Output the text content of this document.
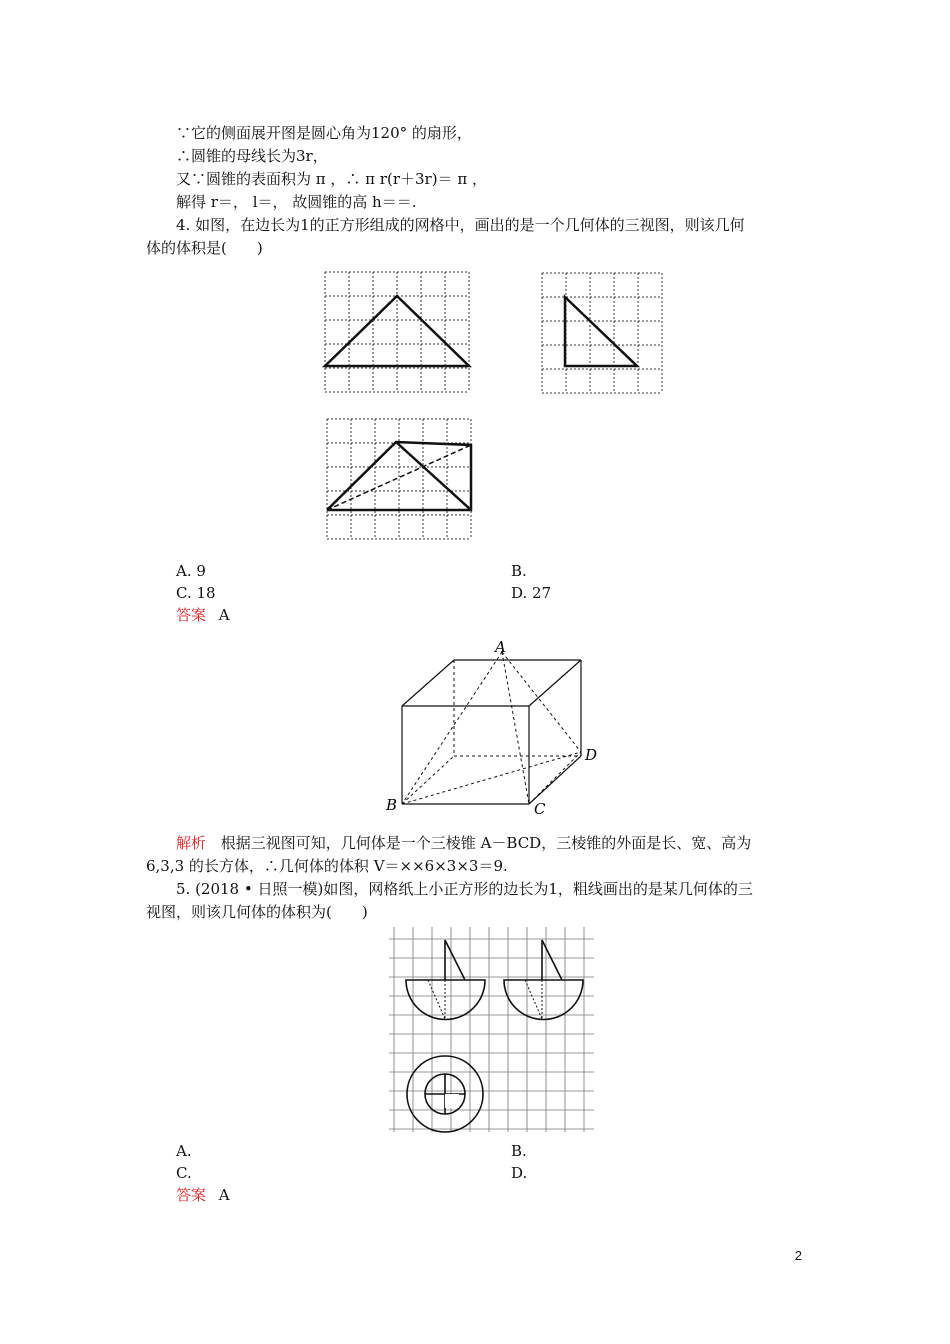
∵它的侧面展开图是圆心角为120° 的扇形，
∴圆锥的母线长为3r，
又∵圆锥的表面积为 π ，∴ π r(r＋3r)＝ π ，
解得 r＝， l＝， 故圆锥的高 h＝＝.
4. 如图，在边长为1的正方形组成的网格中，画出的是一个几何体的三视图，则该几何
体的体积是(　　)
A. 9	B.
C. 18	D. 27
答案 A
A
B	C
D
解析 根据三视图可知，几何体是一个三棱锥 A－BCD，三棱锥的外面是长、宽、高为
6,3,3 的长方体，∴几何体的体积 V＝××6×3×3＝9.
5. (2018 • 日照一模)如图，网格纸上小正方形的边长为1，粗线画出的是某几何体的三
视图，则该几何体的体积为(　　)
A.	B.
C.	D.
答案 A
2
